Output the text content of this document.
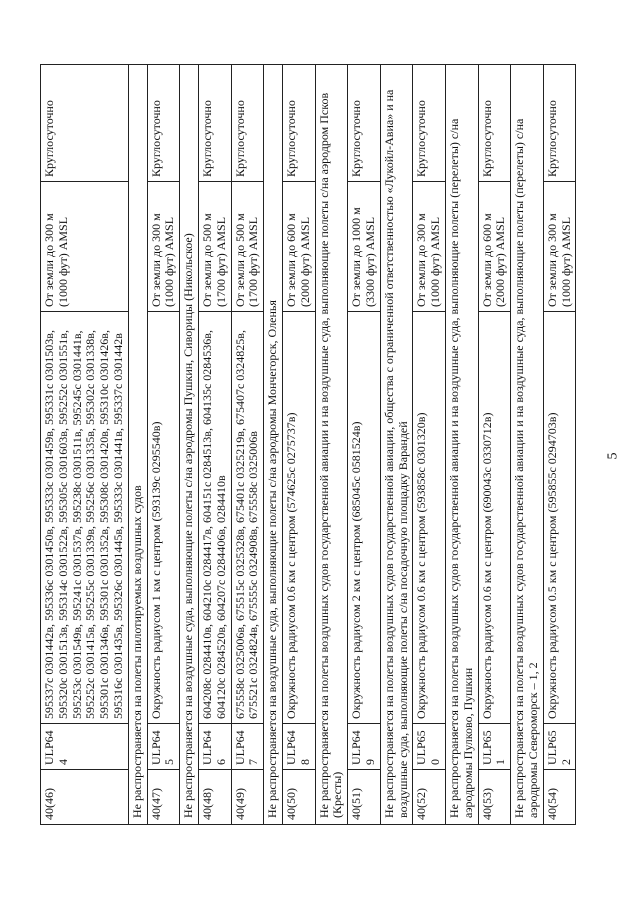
40(46)	ULP644	595337с 0301442в, 595336с 0301450в, 595333с 0301459в, 595331с 0301503в, 595320с 0301513в, 595314с 0301522в, 595305с 0301603в, 595252с 0301551в, 595253с 0301549в, 595241с 0301537в, 595238с 0301511в, 595245с 0301441в, 595252с 0301415в, 595255с 0301339в, 595256с 0301335в, 595302с 0301338в, 595301с 0301346в, 595301с 0301352в, 595308с 0301420в, 595310с 0301426в, 595316с 0301435в, 595326с 0301445в, 595333с 0301441в, 595337с 0301442в	От земли до 300 м (1000 фут) AMSL	Круглосуточно
Не распространяется на полеты пилотируемых воздушных судов				
40(47)	ULP645	Окружность радиусом 1 км с центром (593139с 0295540в)	От земли до 300 м (1000 фут) AMSL	Круглосуточно
Не распространяется на воздушные суда, выполняющие полеты с/на аэродромы Пушкин, Сиворицы (Никольское)				
40(48)	ULP646	604208с 0284410в, 604210с 0284417в, 604151с 0284513в, 604135с 0284536в, 604120с 0284520в, 604207с 0284406в, 0284410в	От земли до 500 м (1700 фут) AMSL	Круглосуточно
40(49)	ULP647	675558с 0325006в, 675515с 0325328в, 675401с 0325219в, 675407с 0324825в, 675521с 0324824в, 675555с 0324908в, 675558с 0325006в	От земли до 500 м (1700 фут) AMSL	Круглосуточно
Не распространяется на воздушные суда, выполняющие полеты с/на аэродромы Мончегорск, Оленья				
40(50)	ULP648	Окружность радиусом 0.6 км с центром (574625с 0275737в)	От земли до 600 м (2000 фут) AMSL	Круглосуточно
Не распространяется на полеты воздушных судов государственной авиации и на воздушные суда, выполняющие полеты с/на аэродром Псков (Кресты)				
40(51)	ULP649	Окружность радиусом 2 км с центром (685045с 0581524в)	От земли до 1000 м (3300 фут) AMSL	Круглосуточно
Не распространяется на полеты воздушных судов государственной авиации, общества с ограниченной ответственностью «Лукойл-Авиа» и на воздушные суда, выполняющие полеты с/на посадочную площадку Варандей				
40(52)	ULP650	Окружность радиусом 0.6 км с центром (593858с 0301320в)	От земли до 300 м (1000 фут) AMSL	Круглосуточно
Не распространяется на полеты воздушных судов государственной авиации и на воздушные суда, выполняющие полеты (перелеты) с/на аэродромы Пулково, Пушкин				
40(53)	ULP651	Окружность радиусом 0.6 км с центром (690043с 0330712в)	От земли до 600 м (2000 фут) AMSL	Круглосуточно
Не распространяется на полеты воздушных судов государственной авиации и на воздушные суда, выполняющие полеты (перелеты) с/на аэродромы Североморск – 1, 2				
40(54)	ULP652	Окружность радиусом 0.5 км с центром (595855с 0294703в)	От земли до 300 м (1000 фут) AMSL	Круглосуточно
5
